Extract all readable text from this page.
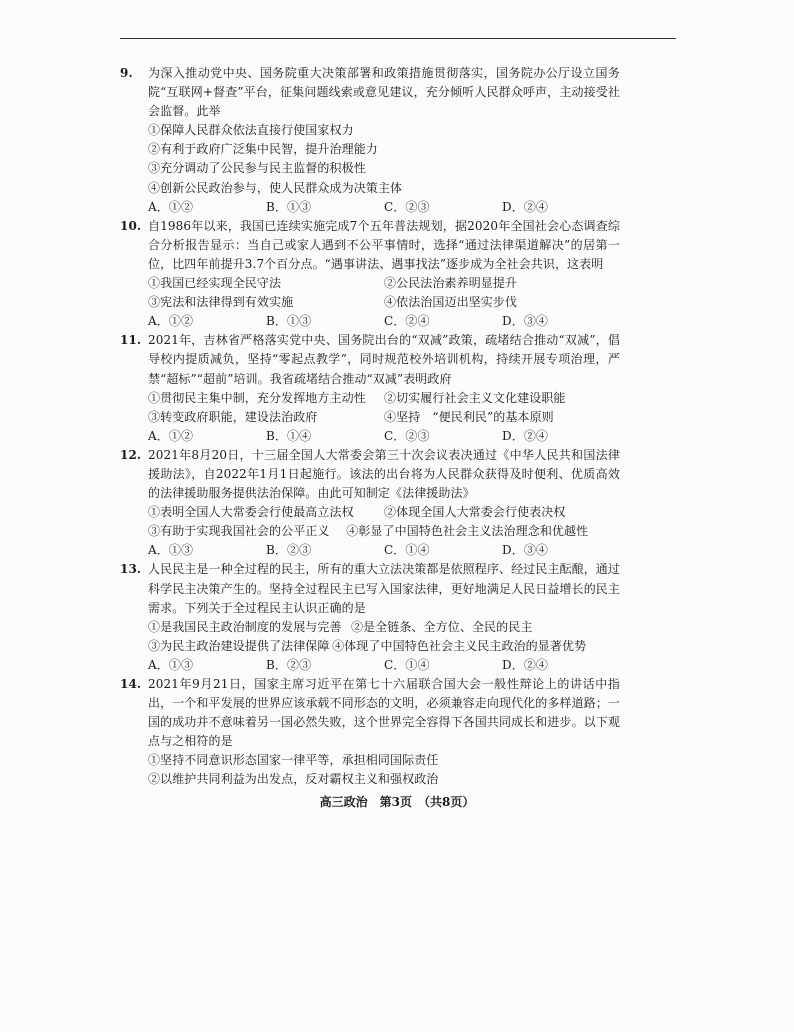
9.	为深入推动党中央、国务院重大决策部署和政策措施贯彻落实，国务院办公厅设立国务院“互联网+督查”平台，征集问题线索或意见建议，充分倾听人民群众呼声，主动接受社会监督。此举
①保障人民群众依法直接行使国家权力
②有利于政府广泛集中民智，提升治理能力
③充分调动了公民参与民主监督的积极性
④创新公民政治参与，使人民群众成为决策主体
A．①②	B．①③	C．②③	D．②④
10. 自1986年以来，我国已连续实施完成7个五年普法规划，据2020年全国社会心态调查综合分析报告显示：当自己或家人遇到不公平事情时，选择“通过法律渠道解决”的居第一位，比四年前提升3.7个百分点。“遇事讲法、遇事找法”逐步成为全社会共识，这表明
①我国已经实现全民守法	②公民法治素养明显提升
③宪法和法律得到有效实施	④依法治国迈出坚实步伐
A．①②	B．①③	C．②④	D．③④
11. 2021年，吉林省严格落实党中央、国务院出台的“双减”政策，疏堵结合推动“双减”，倡导校内提质减负，坚持“零起点教学”，同时规范校外培训机构，持续开展专项治理，严禁“超标”“超前”培训。我省疏堵结合推动“双减”表明政府
①贯彻民主集中制，充分发挥地方主动性	②切实履行社会主义文化建设职能
③转变政府职能，建设法治政府	④坚持　“便民利民”的基本原则
A．①②	B．①④	C．②③	D．②④
12. 2021年8月20日，十三届全国人大常委会第三十次会议表决通过《中华人民共和国法律援助法》，自2022年1月1日起施行。该法的出台将为人民群众获得及时便利、优质高效的法律援助服务提供法治保障。由此可知制定《法律援助法》
①表明全国人大常委会行使最高立法权	②体现全国人大常委会行使表决权
③有助于实现我国社会的公平正义	④彰显了中国特色社会主义法治理念和优越性
A．①③	B．②③	C．①④	D．③④
13. 人民民主是一种全过程的民主，所有的重大立法决策都是依照程序、经过民主酝酿，通过科学民主决策产生的。坚持全过程民主已写入国家法律，更好地满足人民日益增长的民主需求。下列关于全过程民主认识正确的是
①是我国民主政治制度的发展与完善 ②是全链条、全方位、全民的民主
③为民主政治建设提供了法律保障 ④体现了中国特色社会主义民主政治的显著优势
A．①③	B．②③	C．①④	D．②④
14. 2021年9月21日，国家主席习近平在第七十六届联合国大会一般性辩论上的讲话中指出，一个和平发展的世界应该承载不同形态的文明，必须兼容走向现代化的多样道路；一国的成功并不意味着另一国必然失败，这个世界完全容得下各国共同成长和进步。以下观点与之相符的是
①坚持不同意识形态国家一律平等，承担相同国际责任
②以维护共同利益为出发点，反对霸权主义和强权政治
高三政治　第3页　（共8页）
